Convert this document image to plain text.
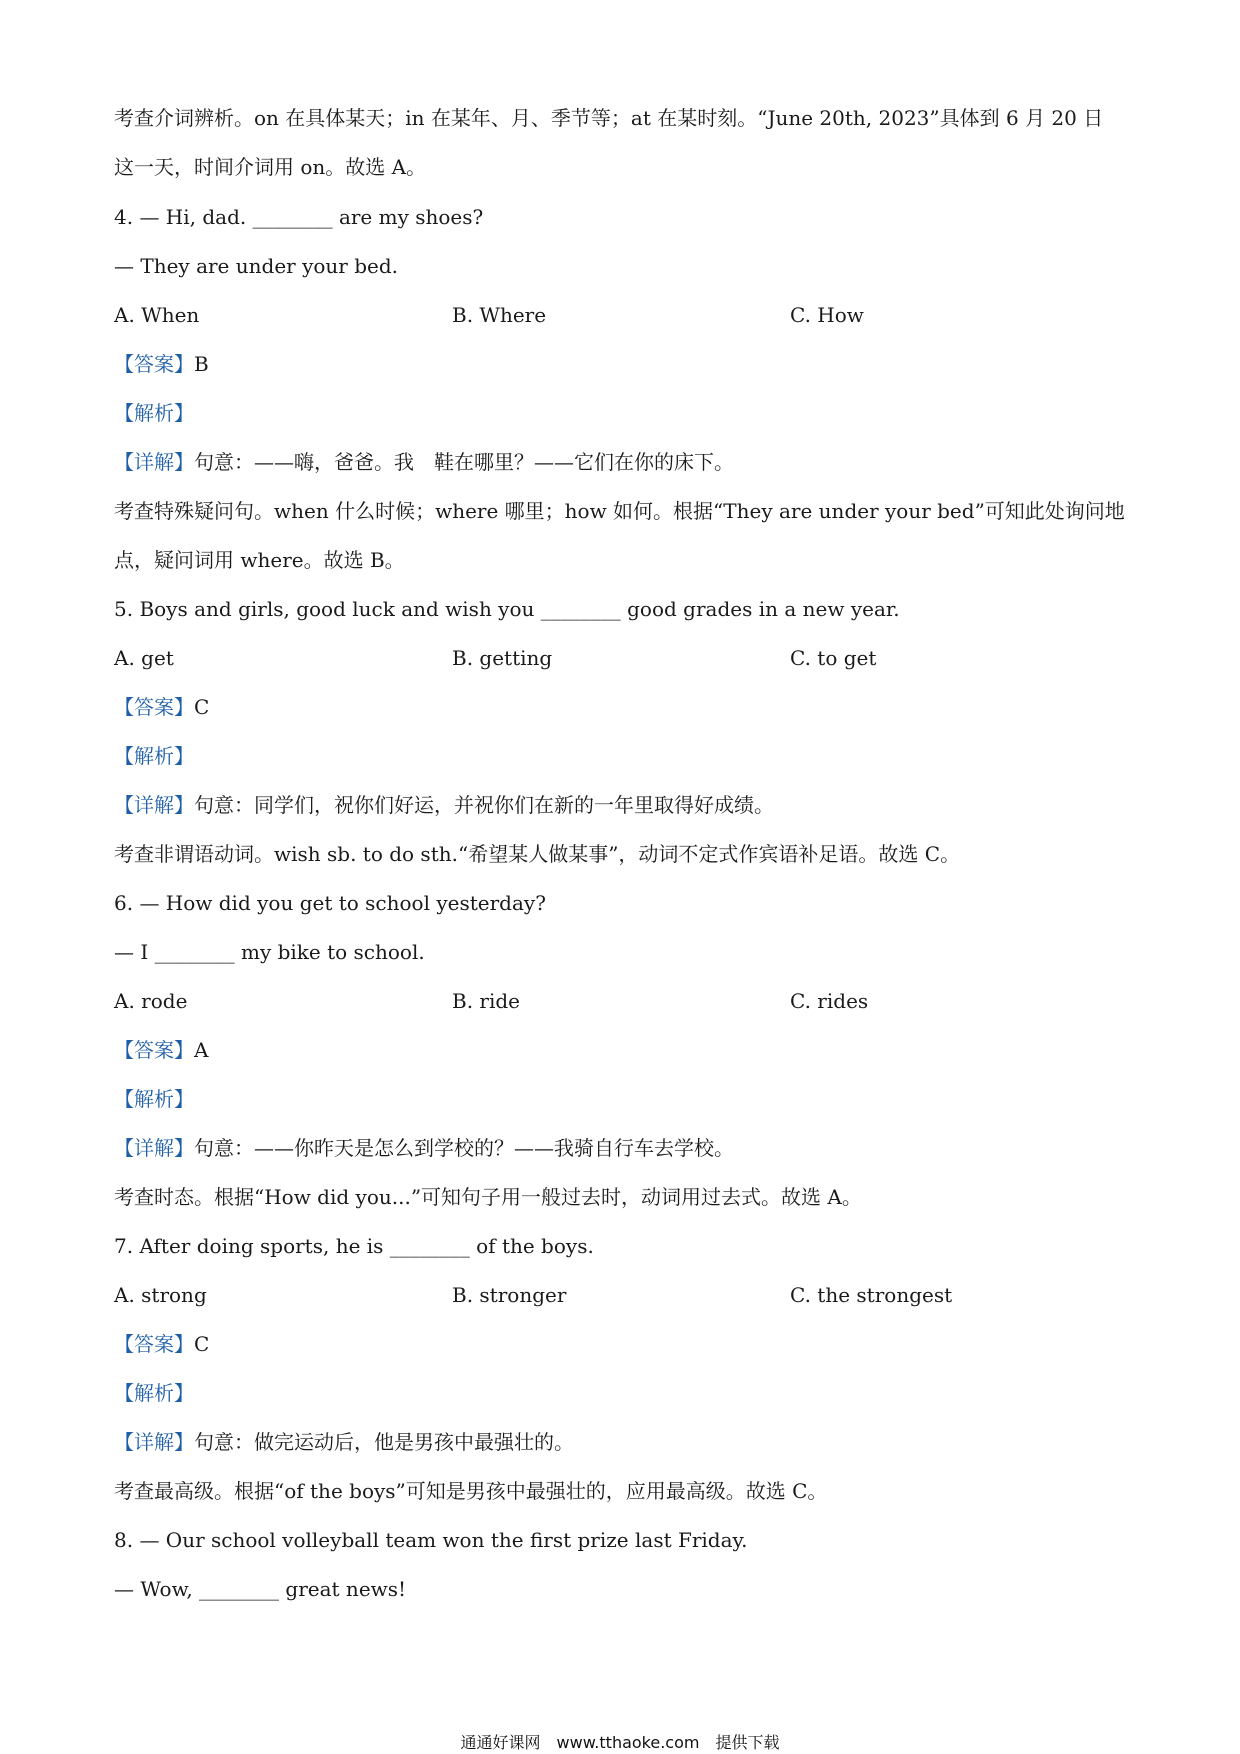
考查介词辨析。on 在具体某天；in 在某年、月、季节等；at 在某时刻。“June 20th, 2023”具体到 6 月 20 日
这一天，时间介词用 on。故选 A。
4. — Hi, dad. ________ are my shoes?
— They are under your bed.
A. When	B. Where	C. How
【答案】B
【解析】
【详解】句意：——嗨，爸爸。我　鞋在哪里？——它们在你的床下。
考查特殊疑问句。when 什么时候；where 哪里；how 如何。根据“They are under your bed”可知此处询问地
点，疑问词用 where。故选 B。
5. Boys and girls, good luck and wish you ________ good grades in a new year.
A. get	B. getting	C. to get
【答案】C
【解析】
【详解】句意：同学们，祝你们好运，并祝你们在新的一年里取得好成绩。
考查非谓语动词。wish sb. to do sth.“希望某人做某事”，动词不定式作宾语补足语。故选 C。
6. — How did you get to school yesterday?
— I ________ my bike to school.
A. rode	B. ride	C. rides
【答案】A
【解析】
【详解】句意：——你昨天是怎么到学校的？——我骑自行车去学校。
考查时态。根据“How did you...”可知句子用一般过去时，动词用过去式。故选 A。
7. After doing sports, he is ________ of the boys.
A. strong	B. stronger	C. the strongest
【答案】C
【解析】
【详解】句意：做完运动后，他是男孩中最强壮的。
考查最高级。根据“of the boys”可知是男孩中最强壮的，应用最高级。故选 C。
8. — Our school volleyball team won the first prize last Friday.
— Wow, ________ great news!
通通好课网　www.tthaoke.com　提供下载
